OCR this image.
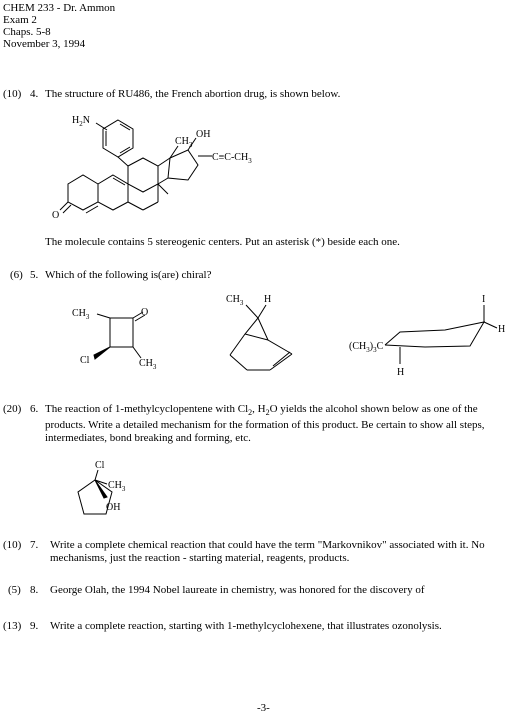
CHEM 233 - Dr. Ammon
Exam 2
Chaps. 5-8
November 3, 1994
(10) 4. The structure of RU486, the French abortion drug, is shown below.
$H_2N$
O
$CH_3$
OH
$C\equiv C-CH_3$
The molecule contains 5 stereogenic centers. Put an asterisk (*) beside each one.
(6) 5. Which of the following is(are) chiral?
O
$CH_3$
Cl	$CH_3$
$CH_3$ H
$(CH_3)_3C$
H
I
H
(20) 6. The reaction of 1-methylcyclopentene with $Cl_2$, $H_2O$ yields the alcohol shown below as one of the products. Write a detailed mechanism for the formation of this product. Be certain to show all steps, intermediates, bond breaking and forming, etc.
Cl
$CH_3$
OH
(10) 7. Write a complete chemical reaction that could have the term "Markovnikov" associated with it. No mechanisms, just the reaction - starting material, reagents, products.
(5) 8. George Olah, the 1994 Nobel laureate in chemistry, was honored for the discovery of
(13) 9. Write a complete reaction, starting with 1-methylcyclohexene, that illustrates ozonolysis.
-3-
